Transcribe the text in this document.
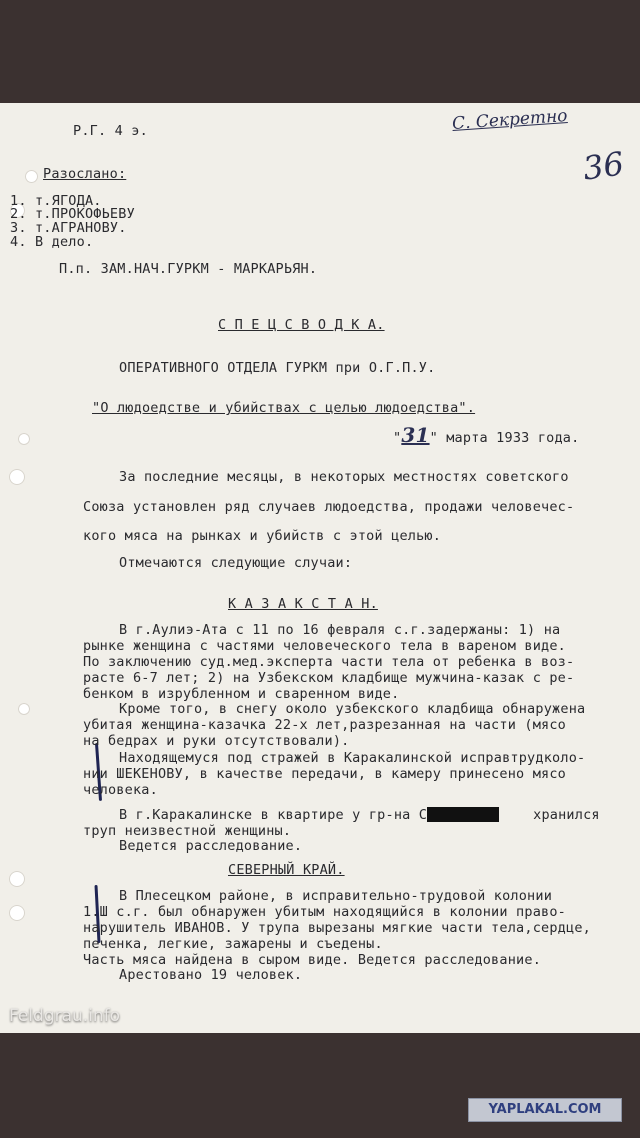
Р.Г. 4 э.	С. Секретно
36
Разослано:
1. т.ЯГОДА.
2. т.ПРОКОФЬЕВУ
3. т.АГРАНОВУ.
4. В дело.
П.п. ЗАМ.НАЧ.ГУРКМ - МАРКАРЬЯН.
С П Е Ц С В О Д К А.
ОПЕРАТИВНОГО ОТДЕЛА ГУРКМ при О.Г.П.У.
"О людоедстве и убийствах с целью людоедства".
"31" марта 1933 года.
За последние месяцы, в некоторых местностях советского
Союза установлен ряд случаев людоедства, продажи человечес-
кого мяса на рынках и убийств с этой целью.
Отмечаются следующие случаи:
К А З А К С Т А Н.
В г.Аулиэ-Ата с 11 по 16 февраля с.г.задержаны: 1) на
рынке женщина с частями человеческого тела в вареном виде.
По заключению суд.мед.эксперта части тела от ребенка в воз-
расте 6-7 лет; 2) на Узбекском кладбище мужчина-казак с ре-
бенком в изрубленном и сваренном виде.
Кроме того, в снегу около узбекского кладбища обнаружена
убитая женщина-казачка 22-х лет,разрезанная на части (мясо
на бедрах и руки отсутствовали).
Находящемуся под стражей в Каракалинской исправтрудколо-
нии ШЕКЕНОВУ, в качестве передачи, в камеру принесено мясо
человека.
В г.Каракалинске в квартире у гр-на С	хранился
труп неизвестной женщины.
Ведется расследование.
СЕВЕРНЫЙ КРАЙ.
В Плесецком районе, в исправительно-трудовой колонии
1.Ш с.г. был обнаружен убитым находящийся в колонии право-
нарушитель ИВАНОВ. У трупа вырезаны мягкие части тела,сердце,
печенка, легкие, зажарены и съедены.
Часть мяса найдена в сыром виде. Ведется расследование.
Арестовано 19 человек.
Feldgrau.info
YAPLAKAL.COM
